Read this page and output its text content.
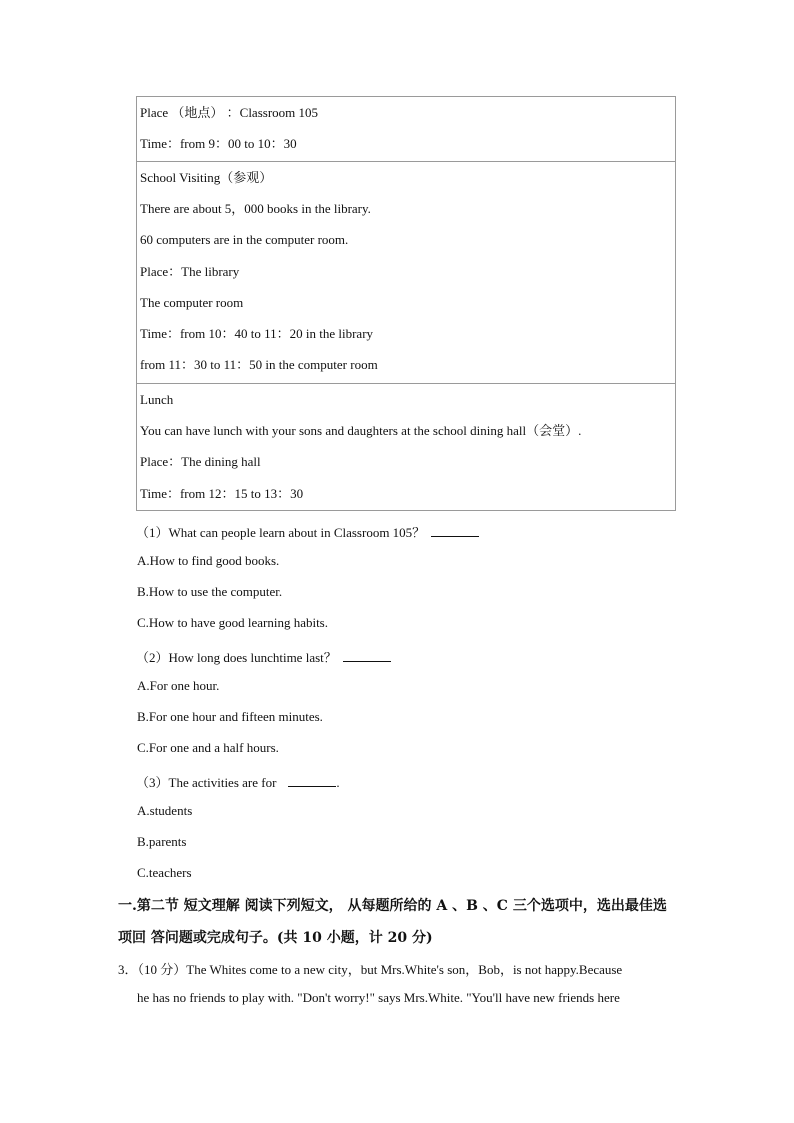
Place （地点） ：Classroom 105
Time：from 9：00 to 10：30

School Visiting（参观）
There are about 5，000 books in the library.
60 computers are in the computer room.
Place：The library
The computer room
Time：from 10：40 to 11：20 in the library
from 11：30 to 11：50 in the computer room

Lunch
You can have lunch with your sons and daughters at the school dining hall（会堂）.
Place：The dining hall
Time：from 12：15 to 13：30
（1）What can people learn about in Classroom 105？
A.How to find good books.
B.How to use the computer.
C.How to have good learning habits.
（2）How long does lunchtime last？
A.For one hour.
B.For one hour and fifteen minutes.
C.For one and a half hours.
（3）The activities are for	.
A.students
B.parents
C.teachers
一.第二节 短文理解 阅读下列短文， 从每题所给的 A 、B 、C 三个选项中，选出最佳选
项回 答问题或完成句子。(共 10 小题，计 20 分)
3．（10 分）The Whites come to a new city，but Mrs.White's son，Bob，is not happy.Because
he has no friends to play with. "Don't worry!" says Mrs.White. "You'll have new friends here
